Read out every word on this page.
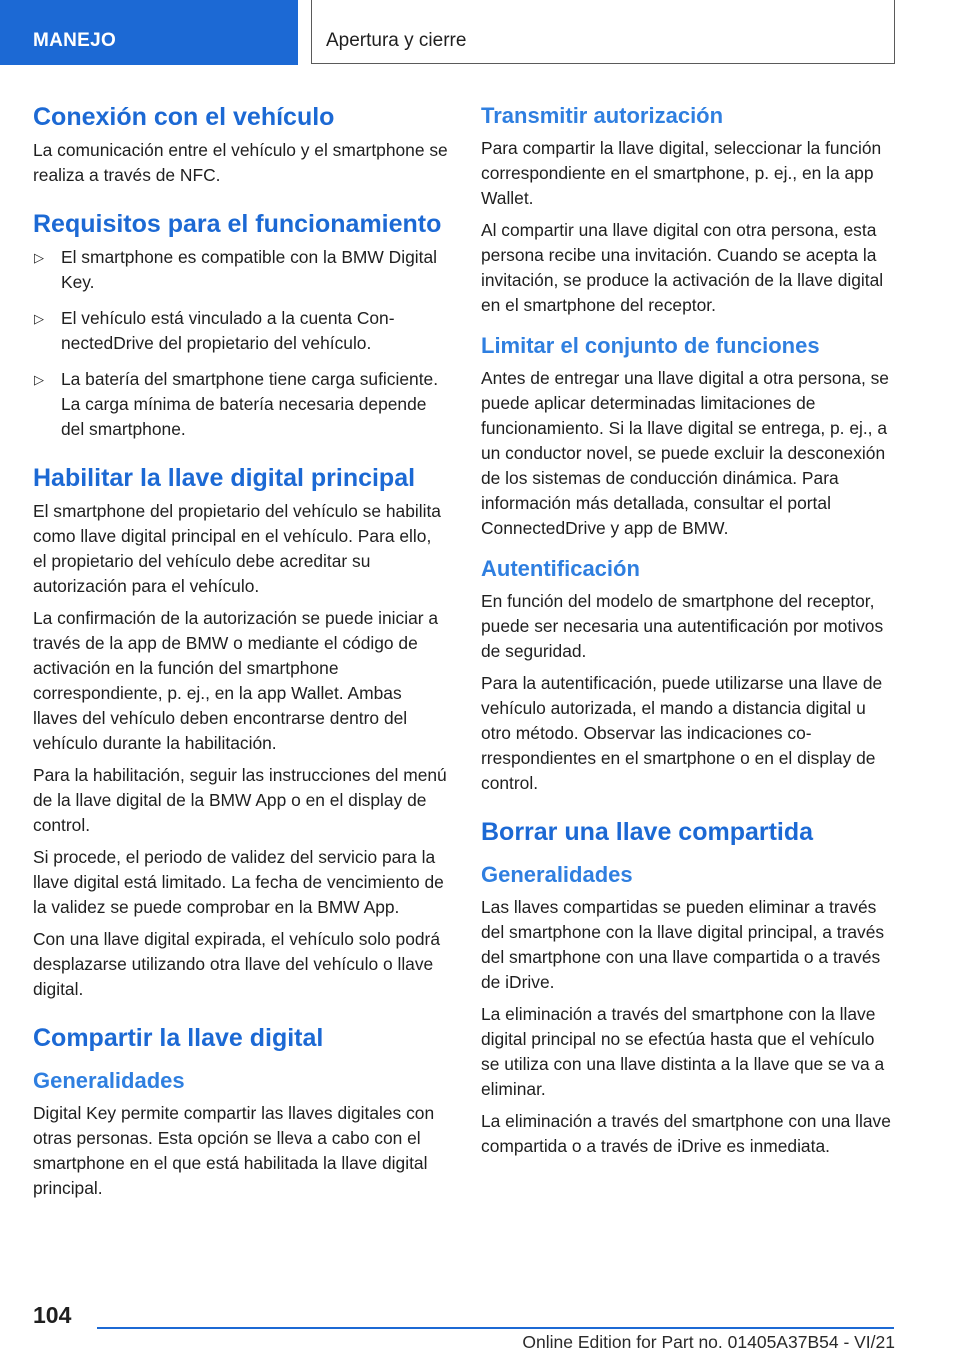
MANEJO	Apertura y cierre
Conexión con el vehículo

La comunicación entre el vehículo y el smartphone se realiza a través de NFC.

Requisitos para el funcionamiento
▷ El smartphone es compatible con la BMW Digital Key.
▷ El vehículo está vinculado a la cuenta ConnectedDrive del propietario del vehículo.
▷ La batería del smartphone tiene carga suficiente. La carga mínima de batería necesaria depende del smartphone.
Habilitar la llave digital principal

El smartphone del propietario del vehículo se habilita como llave digital principal en el vehículo. Para ello, el propietario del vehículo debe acreditar su autorización para el vehículo.

La confirmación de la autorización se puede iniciar a través de la app de BMW o mediante el código de activación en la función del smartphone correspondiente, p. ej., en la app Wallet. Ambas llaves del vehículo deben encontrarse dentro del vehículo durante la habilitación.

Para la habilitación, seguir las instrucciones del menú de la llave digital de la BMW App o en el display de control.

Si procede, el periodo de validez del servicio para la llave digital está limitado. La fecha de vencimiento de la validez se puede comprobar en la BMW App.

Con una llave digital expirada, el vehículo solo podrá desplazarse utilizando otra llave del vehículo o llave digital.

Compartir la llave digital
Generalidades

Digital Key permite compartir las llaves digitales con otras personas. Esta opción se lleva a cabo con el smartphone en el que está habilitada la llave digital principal.

Transmitir autorización

Para compartir la llave digital, seleccionar la función correspondiente en el smartphone, p. ej., en la app Wallet.

Al compartir una llave digital con otra persona, esta persona recibe una invitación. Cuando se acepta la invitación, se produce la activación de la llave digital en el smartphone del receptor.

Limitar el conjunto de funciones

Antes de entregar una llave digital a otra persona, se puede aplicar determinadas limitaciones de funcionamiento. Si la llave digital se entrega, p. ej., a un conductor novel, se puede excluir la desconexión de los sistemas de conducción dinámica. Para información más detallada, consultar el portal ConnectedDrive y app de BMW.

Autentificación

En función del modelo de smartphone del receptor, puede ser necesaria una autentificación por motivos de seguridad.

Para la autentificación, puede utilizarse una llave de vehículo autorizada, el mando a distancia digital u otro método. Observar las indicaciones correspondientes en el smartphone o en el display de control.

Borrar una llave compartida
Generalidades

Las llaves compartidas se pueden eliminar a través del smartphone con la llave digital principal, a través del smartphone con una llave compartida o a través de iDrive.

La eliminación a través del smartphone con la llave digital principal no se efectúa hasta que el vehículo se utiliza con una llave distinta a la llave que se va a eliminar.

La eliminación a través del smartphone con una llave compartida o a través de iDrive es inmediata.

104
Online Edition for Part no. 01405A37B54 - VI/21
